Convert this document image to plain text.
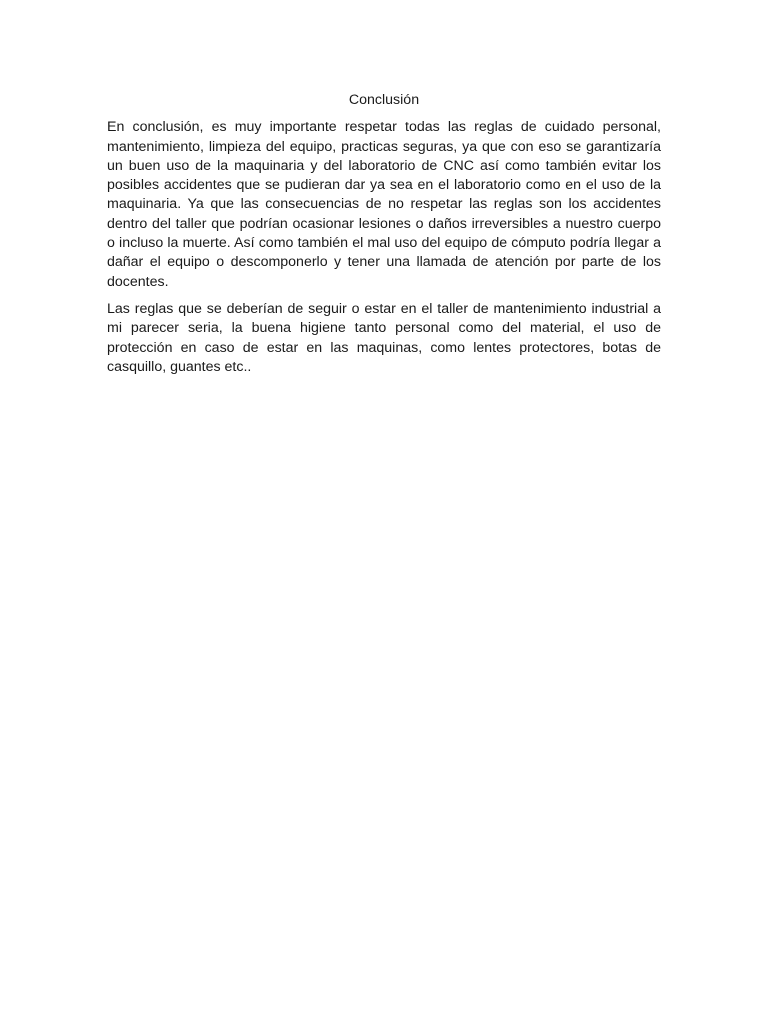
Conclusión

En conclusión, es muy importante respetar todas las reglas de cuidado personal, mantenimiento, limpieza del equipo, practicas seguras, ya que con eso se garantizaría un buen uso de la maquinaria y del laboratorio de CNC así como también evitar los posibles accidentes que se pudieran dar ya sea en el laboratorio como en el uso de la maquinaria. Ya que las consecuencias de no respetar las reglas son los accidentes dentro del taller que podrían ocasionar lesiones o daños irreversibles a nuestro cuerpo o incluso la muerte. Así como también el mal uso del equipo de cómputo podría llegar a dañar el equipo o descomponerlo y tener una llamada de atención por parte de los docentes.

Las reglas que se deberían de seguir o estar en el taller de mantenimiento industrial a mi parecer seria, la buena higiene tanto personal como del material, el uso de protección en caso de estar en las maquinas, como lentes protectores, botas de casquillo, guantes etc..
